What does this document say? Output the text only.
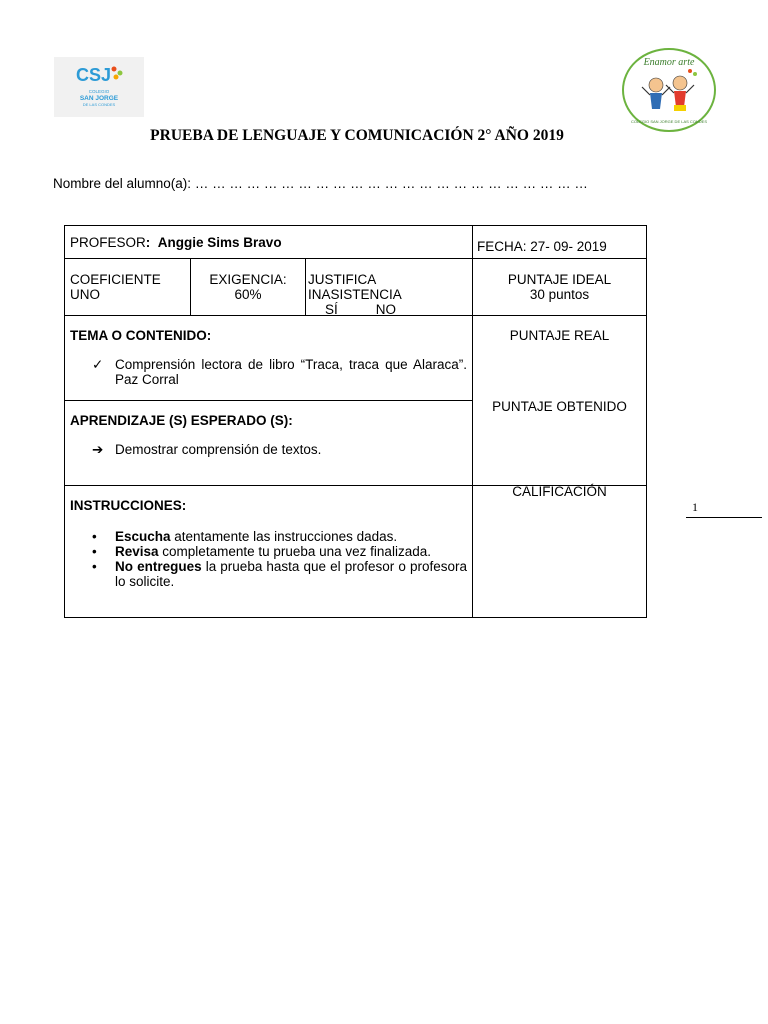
CSJ
COLEGIO
SAN JORGE
DE LAS CONDES
Enamor arte
COLEGIO SAN JORGE DE LAS CONDES
PRUEBA DE LENGUAJE Y COMUNICACIÓN 2° AÑO 2019
Nombre del alumno(a): … … … … … … … … … … … … … … … … … … … … … … …
PROFESOR: Anggie Sims Bravo	FECHA: 27- 09- 2019
COEFICIENTE
UNO
EXIGENCIA:
60%
JUSTIFICA
INASISTENCIA
SÍ	NO
PUNTAJE IDEAL
30 puntos
TEMA O CONTENIDO:
✓ Comprensión lectora de libro “Traca, traca que Alaraca”. Paz Corral
PUNTAJE REAL
APRENDIZAJE (S) ESPERADO (S):
➔ Demostrar comprensión de textos.
PUNTAJE OBTENIDO
INSTRUCCIONES:
• Escucha atentamente las instrucciones dadas.
• Revisa completamente tu prueba una vez finalizada.
• No entregues la prueba hasta que el profesor o profesora lo solicite.
CALIFICACIÓN
1
